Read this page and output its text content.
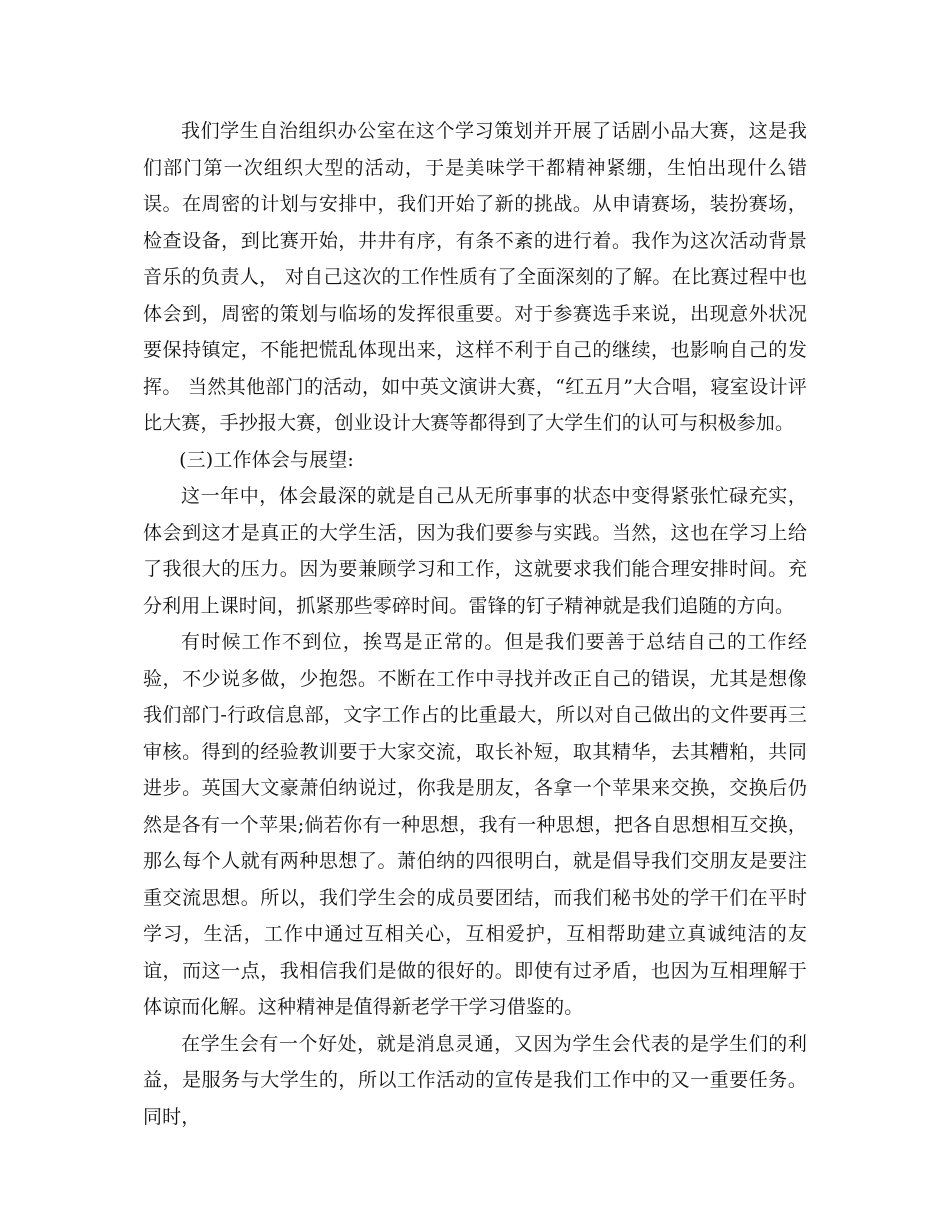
我们学生自治组织办公室在这个学习策划并开展了话剧小品大赛，这是我们部门第一次组织大型的活动，于是美味学干都精神紧绷，生怕出现什么错误。在周密的计划与安排中，我们开始了新的挑战。从申请赛场，装扮赛场，检查设备，到比赛开始，井井有序，有条不紊的进行着。我作为这次活动背景音乐的负责人， 对自己这次的工作性质有了全面深刻的了解。在比赛过程中也体会到，周密的策划与临场的发挥很重要。对于参赛选手来说，出现意外状况要保持镇定，不能把慌乱体现出来，这样不利于自己的继续，也影响自己的发挥。 当然其他部门的活动，如中英文演讲大赛，“红五月”大合唱，寝室设计评比大赛，手抄报大赛，创业设计大赛等都得到了大学生们的认可与积极参加。

(三)工作体会与展望:

这一年中，体会最深的就是自己从无所事事的状态中变得紧张忙碌充实，体会到这才是真正的大学生活，因为我们要参与实践。当然，这也在学习上给了我很大的压力。因为要兼顾学习和工作，这就要求我们能合理安排时间。充分利用上课时间，抓紧那些零碎时间。雷锋的钉子精神就是我们追随的方向。

有时候工作不到位，挨骂是正常的。但是我们要善于总结自己的工作经验，不少说多做，少抱怨。不断在工作中寻找并改正自己的错误，尤其是想像我们部门-行政信息部，文字工作占的比重最大，所以对自己做出的文件要再三审核。得到的经验教训要于大家交流，取长补短，取其精华，去其糟粕，共同进步。英国大文豪萧伯纳说过，你我是朋友，各拿一个苹果来交换，交换后仍然是各有一个苹果;倘若你有一种思想，我有一种思想，把各自思想相互交换，那么每个人就有两种思想了。萧伯纳的四很明白，就是倡导我们交朋友是要注重交流思想。所以，我们学生会的成员要团结，而我们秘书处的学干们在平时学习，生活，工作中通过互相关心，互相爱护，互相帮助建立真诚纯洁的友谊，而这一点，我相信我们是做的很好的。即使有过矛盾，也因为互相理解于体谅而化解。这种精神是值得新老学干学习借鉴的。

在学生会有一个好处，就是消息灵通，又因为学生会代表的是学生们的利益，是服务与大学生的，所以工作活动的宣传是我们工作中的又一重要任务。同时，
